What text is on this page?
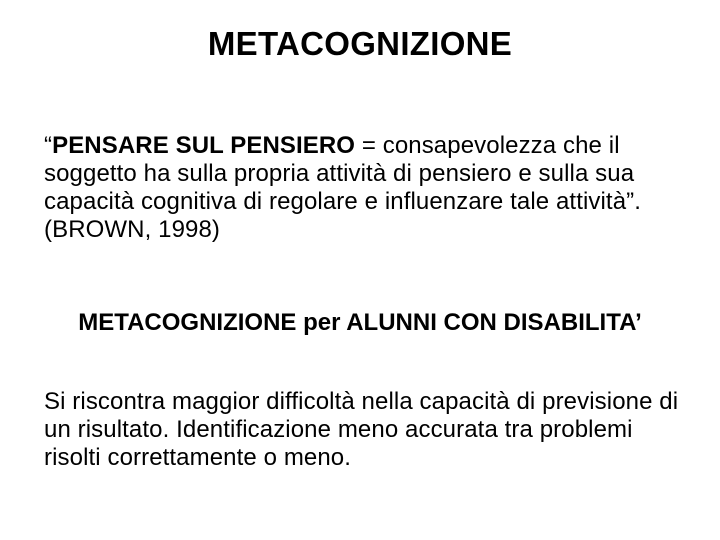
METACOGNIZIONE
“PENSARE SUL PENSIERO = consapevolezza che il soggetto ha sulla propria attività di pensiero e sulla sua capacità cognitiva di regolare e influenzare tale attività”. (BROWN, 1998)
METACOGNIZIONE per ALUNNI CON DISABILITA’
Si riscontra maggior difficoltà nella capacità di previsione di un risultato. Identificazione meno accurata tra problemi risolti correttamente o meno.
